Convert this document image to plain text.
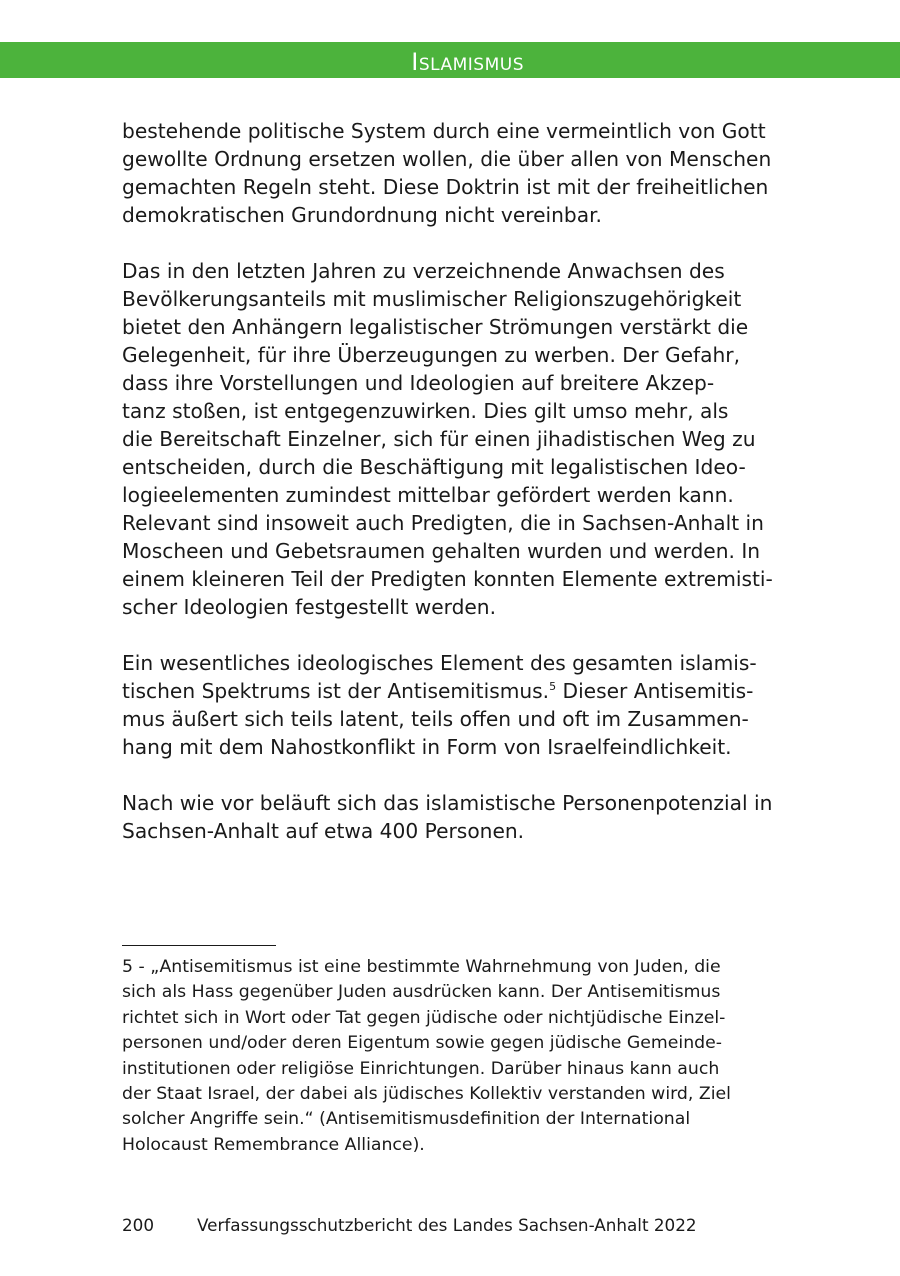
Islamismus
bestehende politische System durch eine vermeintlich von Gott
gewollte Ordnung ersetzen wollen, die über allen von Menschen
gemachten Regeln steht. Diese Doktrin ist mit der freiheitlichen
demokratischen Grundordnung nicht vereinbar.
Das in den letzten Jahren zu verzeichnende Anwachsen des
Bevölkerungsanteils mit muslimischer Religionszugehörigkeit
bietet den Anhängern legalistischer Strömungen verstärkt die
Gelegenheit, für ihre Überzeugungen zu werben. Der Gefahr,
dass ihre Vorstellungen und Ideologien auf breitere Akzep-
tanz stoßen, ist entgegenzuwirken. Dies gilt umso mehr, als
die Bereitschaft Einzelner, sich für einen jihadistischen Weg zu
entscheiden, durch die Beschäftigung mit legalistischen Ideo-
logieelementen zumindest mittelbar gefördert werden kann.
Relevant sind insoweit auch Predigten, die in Sachsen-Anhalt in
Moscheen und Gebetsraumen gehalten wurden und werden. In
einem kleineren Teil der Predigten konnten Elemente extremisti-
scher Ideologien festgestellt werden.
Ein wesentliches ideologisches Element des gesamten islamis-
tischen Spektrums ist der Antisemitismus.$^5$ Dieser Antisemitis-
mus äußert sich teils latent, teils offen und oft im Zusammen-
hang mit dem Nahostkonflikt in Form von Israelfeindlichkeit.
Nach wie vor beläuft sich das islamistische Personenpotenzial in
Sachsen-Anhalt auf etwa 400 Personen.
5 - „Antisemitismus ist eine bestimmte Wahrnehmung von Juden, die
sich als Hass gegenüber Juden ausdrücken kann. Der Antisemitismus
richtet sich in Wort oder Tat gegen jüdische oder nichtjüdische Einzel-
personen und/oder deren Eigentum sowie gegen jüdische Gemeinde-
institutionen oder religiöse Einrichtungen. Darüber hinaus kann auch
der Staat Israel, der dabei als jüdisches Kollektiv verstanden wird, Ziel
solcher Angriffe sein.“ (Antisemitismusdefinition der International
Holocaust Remembrance Alliance).
200	Verfassungsschutzbericht des Landes Sachsen-Anhalt 2022
